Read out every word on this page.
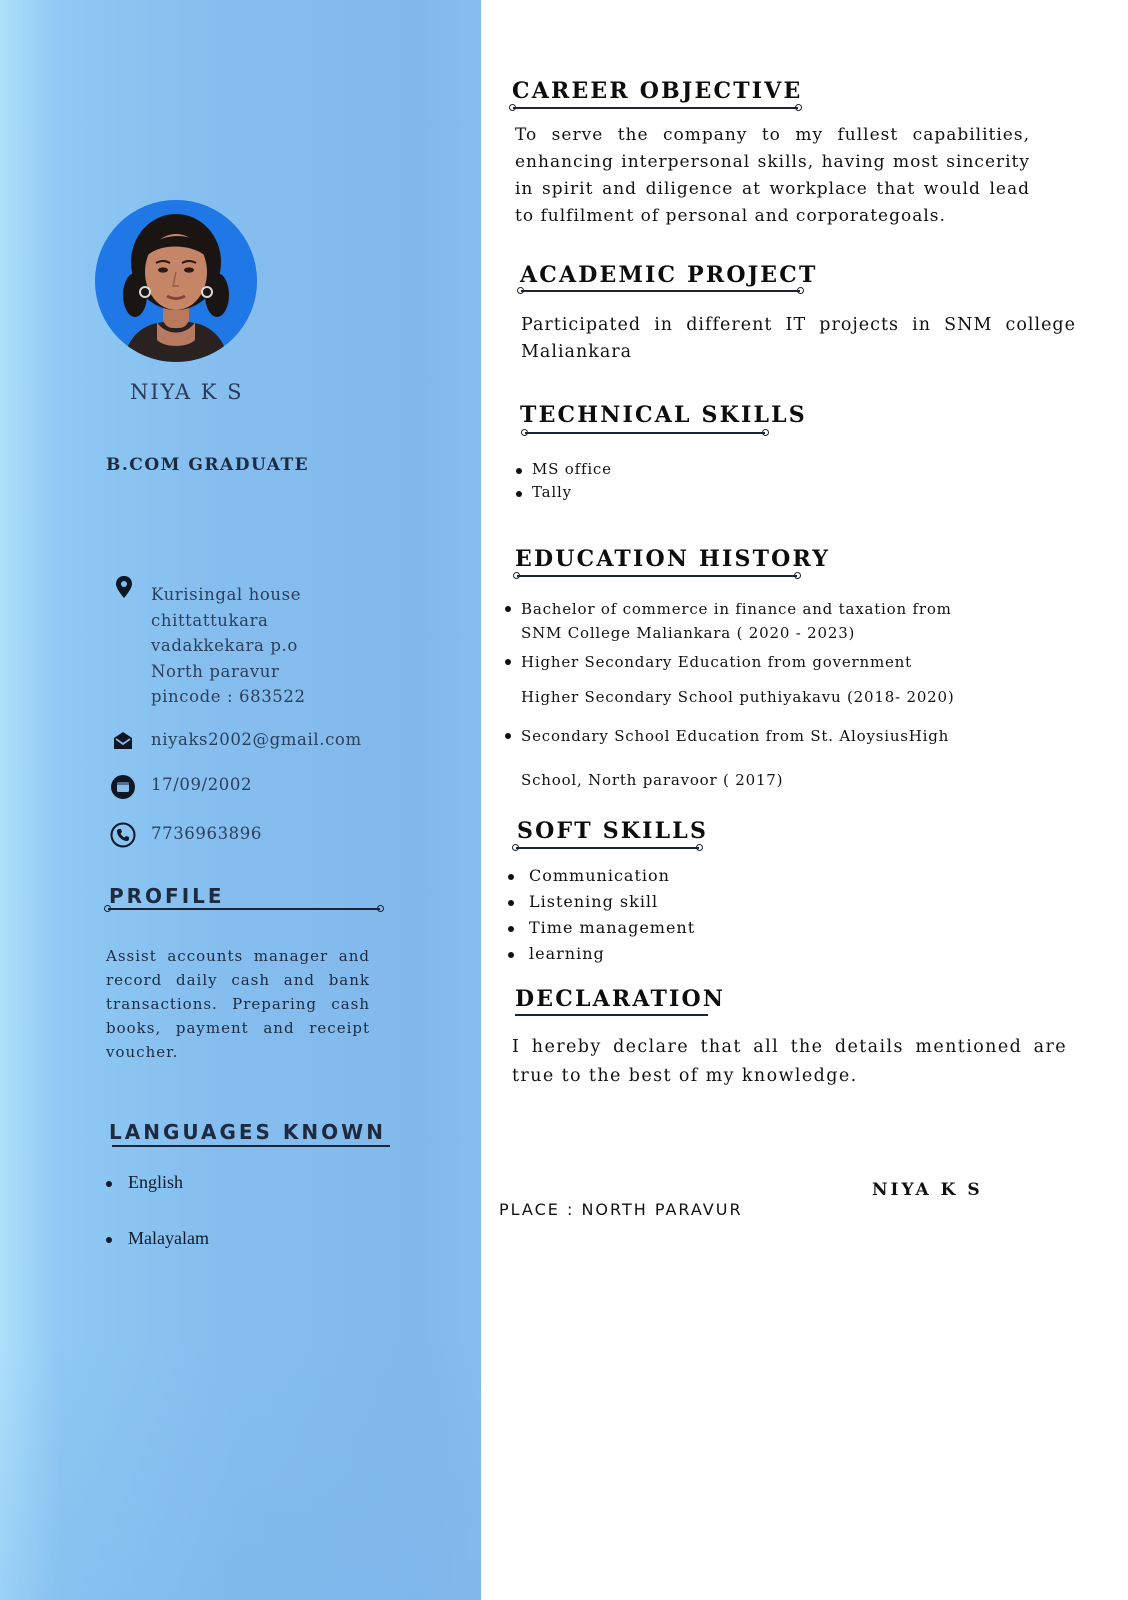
NIYA K S
B.COM GRADUATE
Kurisingal house
chittattukara
vadakkekara p.o
North paravur
pincode : 683522
niyaks2002@gmail.com
17/09/2002
7736963896
PROFILE
Assist accounts manager and record daily cash and bank transactions. Preparing cash books, payment and receipt voucher.
LANGUAGES KNOWN
English
Malayalam
CAREER OBJECTIVE
To serve the company to my fullest capabilities, enhancing interpersonal skills, having most sincerity in spirit and diligence at workplace that would lead to fulfilment of personal and corporategoals.
ACADEMIC PROJECT
Participated in different IT projects in SNM college Maliankara
TECHNICAL SKILLS
MS office
Tally
EDUCATION HISTORY
Bachelor of commerce in finance and taxation from
SNM College Maliankara ( 2020 - 2023)
Higher Secondary Education from government
Higher Secondary School puthiyakavu (2018- 2020)
Secondary School Education from St. AloysiusHigh
School, North paravoor ( 2017)
SOFT SKILLS
Communication
Listening skill
Time management
learning
DECLARATION
I hereby declare that all the details mentioned are true to the best of my knowledge.
PLACE : NORTH PARAVUR
NIYA K S
